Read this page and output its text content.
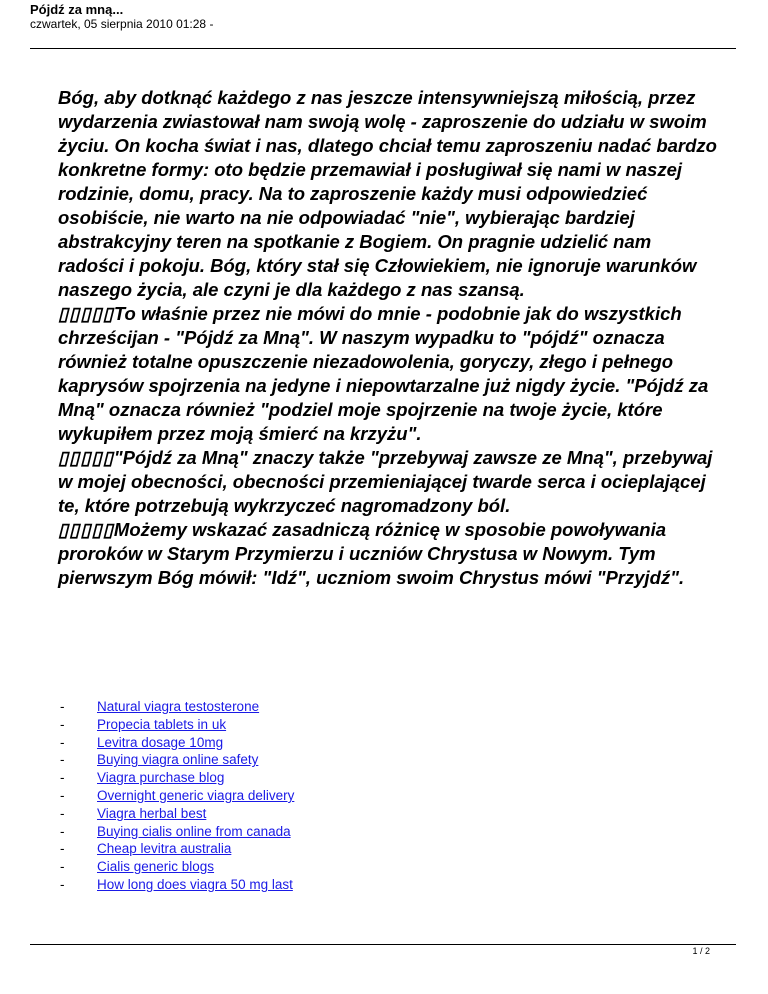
Pójdź za mną...

czwartek, 05 sierpnia 2010 01:28 -

Bóg, aby dotknąć każdego z nas jeszcze intensywniejszą miłością, przez wydarzenia zwiastował nam swoją wolę - zaproszenie do udziału w swoim życiu. On kocha świat i nas, dlatego chciał temu zaproszeniu nadać bardzo konkretne formy: oto będzie przemawiał i posługiwał się nami w naszej rodzinie, domu, pracy. Na to zaproszenie każdy musi odpowiedzieć osobiście, nie warto na nie odpowiadać "nie", wybierając bardziej abstrakcyjny teren na spotkanie z Bogiem. On pragnie udzielić nam radości i pokoju. Bóg, który stał się Człowiekiem, nie ignoruje warunków naszego życia, ale czyni je dla każdego z nas szansą.

▯▯▯▯▯To właśnie przez nie mówi do mnie - podobnie jak do wszystkich chrześcijan - "Pójdź za Mną". W naszym wypadku to "pójdź" oznacza również totalne opuszczenie niezadowolenia, goryczy, złego i pełnego kaprysów spojrzenia na jedyne i niepowtarzalne już nigdy życie. "Pójdź za Mną" oznacza również "podziel moje spojrzenie na twoje życie, które wykupiłem przez moją śmierć na krzyżu".

▯▯▯▯▯"Pójdź za Mną" znaczy także "przebywaj zawsze ze Mną", przebywaj w mojej obecności, obecności przemieniającej twarde serca i ocieplającej te, które potrzebują wykrzyczeć nagromadzony ból.

▯▯▯▯▯Możemy wskazać zasadniczą różnicę w sposobie powoływania proroków w Starym Przymierzu i uczniów Chrystusa w Nowym. Tym pierwszym Bóg mówił: "Idź", uczniom swoim Chrystus mówi "Przyjdź".

- Natural viagra testosterone
- Propecia tablets in uk
- Levitra dosage 10mg
- Buying viagra online safety
- Viagra purchase blog
- Overnight generic viagra delivery
- Viagra herbal best
- Buying cialis online from canada
- Cheap levitra australia
- Cialis generic blogs
- How long does viagra 50 mg last
1 / 2
